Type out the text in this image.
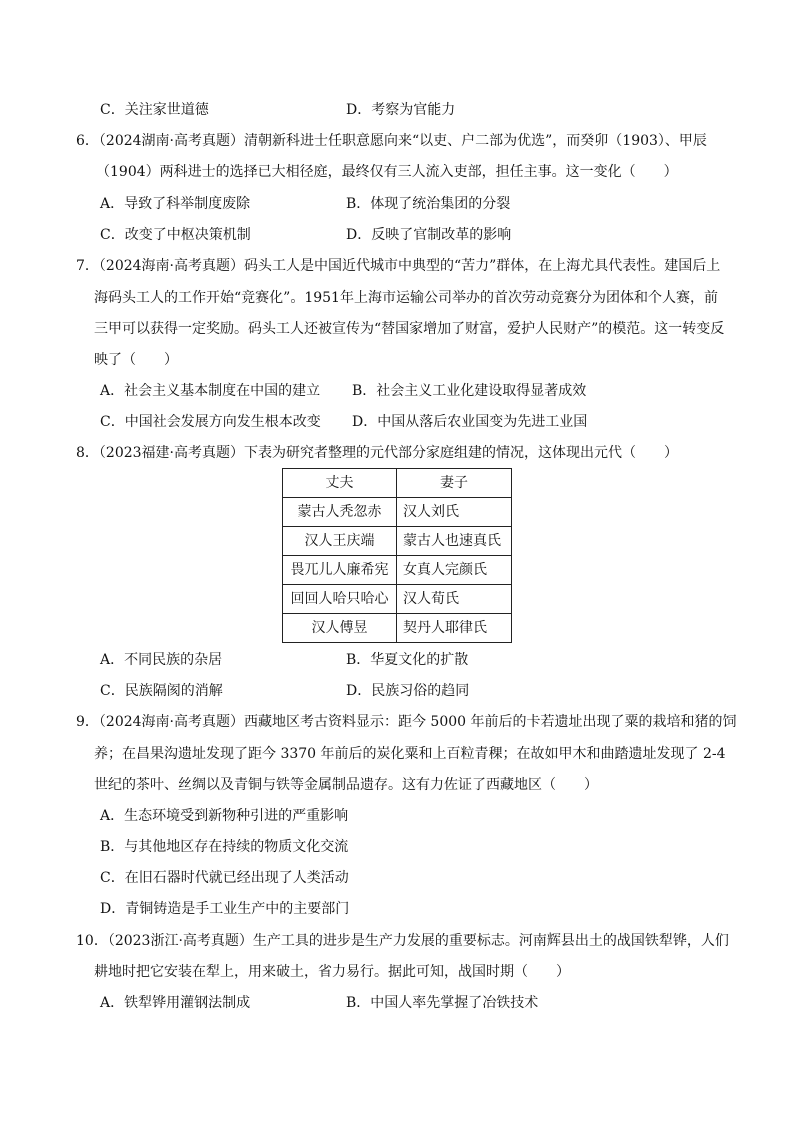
C．关注家世道德	D．考察为官能力
6．（2024湖南·高考真题）清朝新科进士任职意愿向来“以吏、户二部为优选”，而癸卯（1903）、甲辰
（1904）两科进士的选择已大相径庭，最终仅有三人流入吏部，担任主事。这一变化（　　）
A．导致了科举制度废除	B．体现了统治集团的分裂
C．改变了中枢决策机制	D．反映了官制改革的影响
7．（2024海南·高考真题）码头工人是中国近代城市中典型的“苦力”群体，在上海尤具代表性。建国后上
海码头工人的工作开始“竞赛化”。1951年上海市运输公司举办的首次劳动竞赛分为团体和个人赛，前
三甲可以获得一定奖励。码头工人还被宣传为“替国家增加了财富，爱护人民财产”的模范。这一转变反
映了（　　）
A．社会主义基本制度在中国的建立 B．社会主义工业化建设取得显著成效
C．中国社会发展方向发生根本改变 D．中国从落后农业国变为先进工业国
8．（2023福建·高考真题）下表为研究者整理的元代部分家庭组建的情况，这体现出元代（　　）
丈夫	妻子
蒙古人秃忽赤	汉人刘氏
汉人王庆端	蒙古人也速真氏
畏兀儿人廉希宪	女真人完颜氏
回回人哈只哈心	汉人荀氏
汉人傅昱	契丹人耶律氏
A．不同民族的杂居	B．华夏文化的扩散
C．民族隔阂的消解	D．民族习俗的趋同
9．（2024海南·高考真题）西藏地区考古资料显示：距今 5000 年前后的卡若遗址出现了粟的栽培和猪的饲
养；在昌果沟遗址发现了距今 3370 年前后的炭化粟和上百粒青稞；在故如甲木和曲踏遗址发现了 2-4
世纪的茶叶、丝绸以及青铜与铁等金属制品遗存。这有力佐证了西藏地区（　　）
A．生态环境受到新物种引进的严重影响
B．与其他地区存在持续的物质文化交流
C．在旧石器时代就已经出现了人类活动
D．青铜铸造是手工业生产中的主要部门
10．（2023浙江·高考真题）生产工具的进步是生产力发展的重要标志。河南辉县出土的战国铁犁铧，人们
耕地时把它安装在犁上，用来破土，省力易行。据此可知，战国时期（　　）
A．铁犁铧用灌钢法制成	B．中国人率先掌握了冶铁技术
